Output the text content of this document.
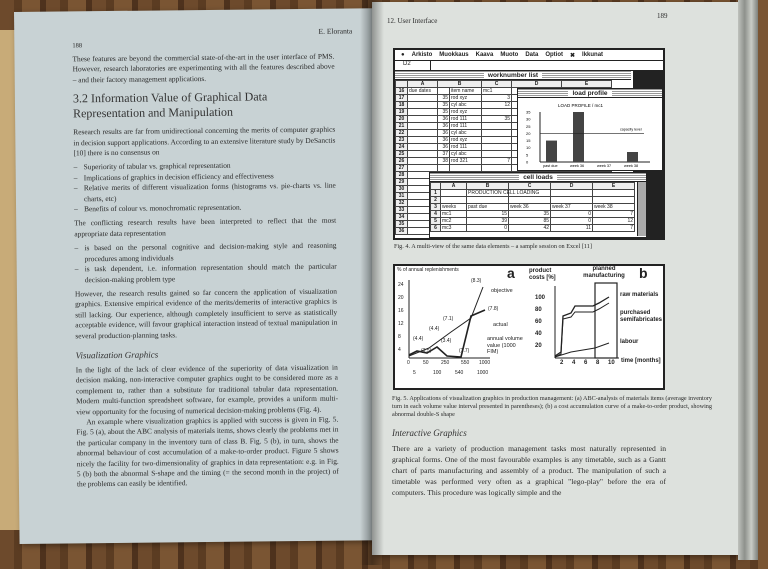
E. Eloranta
188

These features are beyond the commercial state-of-the-art in the user interface of PMS. However, research laboratories are experimenting with all the features described above – and their factory management applications.

3.2 Information Value of Graphical Data Representation and Manipulation

Research results are far from unidirectional concerning the merits of computer graphics in decision support applications. According to an extensive literature study by DeSanctis [10] there is no consensus on

– Superiority of tabular vs. graphical representation
– Implications of graphics in decision efficiency and effectiveness
– Relative merits of different visualization forms (histograms vs. pie-charts vs. line charts, etc)
– Benefits of colour vs. monochromatic representation.

The conflicting research results have been interpreted to reflect that the most appropriate data representation

– is based on the personal cognitive and decision-making style and reasoning procedures among individuals
– is task dependent, i.e. information representation should match the particular decision-making problem type

However, the research results gained so far concern the application of visualization graphics. Extensive empirical evidence of the merits/demerits of interactive graphics is still lacking. Our experience, although completely insufficient to serve as statistically acceptable evidence, will favour graphical interaction instead of textual manipulation in several production-planning tasks.

Visualization Graphics

In the light of the lack of clear evidence of the superiority of data visualization in decision making, non-interactive computer graphics ought to be considered more as a complement to, rather than a substitute for traditional tabular data representation. Modern multi-function spreadsheet software, for example, provides a uniform multi-view opportunity for the focusing of numerical decision-making problems (Fig. 4).

An example where visualization graphics is applied with success is given in Fig. 5. Fig. 5 (a), about the ABC analysis of materials items, shows clearly the problems met in the particular company in the inventory turn of class B. Fig. 5 (b), in turn, shows the abnormal behaviour of cost accumulation of a make-to-order product. Figure 5 shows nicely the facility for two-dimensionality of graphics in data representation: e.g. in Fig. 5 (b) both the abnormal S-shape and the timing (= the second month in the project) of the problems can easily be identified.

12. User Interface
189
● Arkisto Muokkaus Kaava Muoto Data Optiot ✖ Ikkunat
D2
worknumber list
	A	B		C	D	E
16	due dates		item name	mc1		
17		35	rod xyz	3		
18		35	cyl abc	12		
19		35	rod xyz			
20		36	rod 111	35		
21		36	rod 111			
22		36	cyl abc			
23		36	rod xyz			
24		36	rod 111			
25		37	cyl abc			
26		38	rod 321	7		
27						
28						
29						
30						
31						
32						
33						
34						
35						
36						
load profile
LOAD PROFILE / mc1
35
30
25
20
15
10
5
0
past due	week 36	week 37	week 38
capacity level
cell loads
	A	B	C	D	E
1		PRODUCTION CELL LOADING			
2					
3	weeks	past due	week 36	week 37	week 38
4	mc1	15	35	0	7
5	mc2	39	85	0	12
6	mc3	0	42	11	7
Fig. 4. A multi-view of the same data elements – a sample session on Excel [11]
% of annual replenishments	a
24
20
16
12
8
4
(4.4)	(3.4)
(3.5)
(4.4)
(1.7)
(7.1)
(8.3)
(7.8)
0	50 250 550 1000
5	100	540	1000
objective
actual
annual volume value (1000 FIM)
product costs [%]
planned manufacturing b
100
80
60
40
20
2 4 6 8 10
raw materials
purchased semifabricates
labour
time [months]
Fig. 5. Applications of visualization graphics in production management: (a) ABC-analysis of materials items (average inventory turn in each volume value interval presented in parentheses); (b) a cost accumulation curve of a make-to-order product, showing abnormal double-S shape
Interactive Graphics

There are a variety of production management tasks most naturally represented in graphical forms. One of the most favourable examples is any timetable, such as a Gantt chart of parts manufacturing and assembly of a product. The manipulation of such a timetable was performed very often as a graphical "lego-play" before the era of computers. This procedure was logically simple and the
